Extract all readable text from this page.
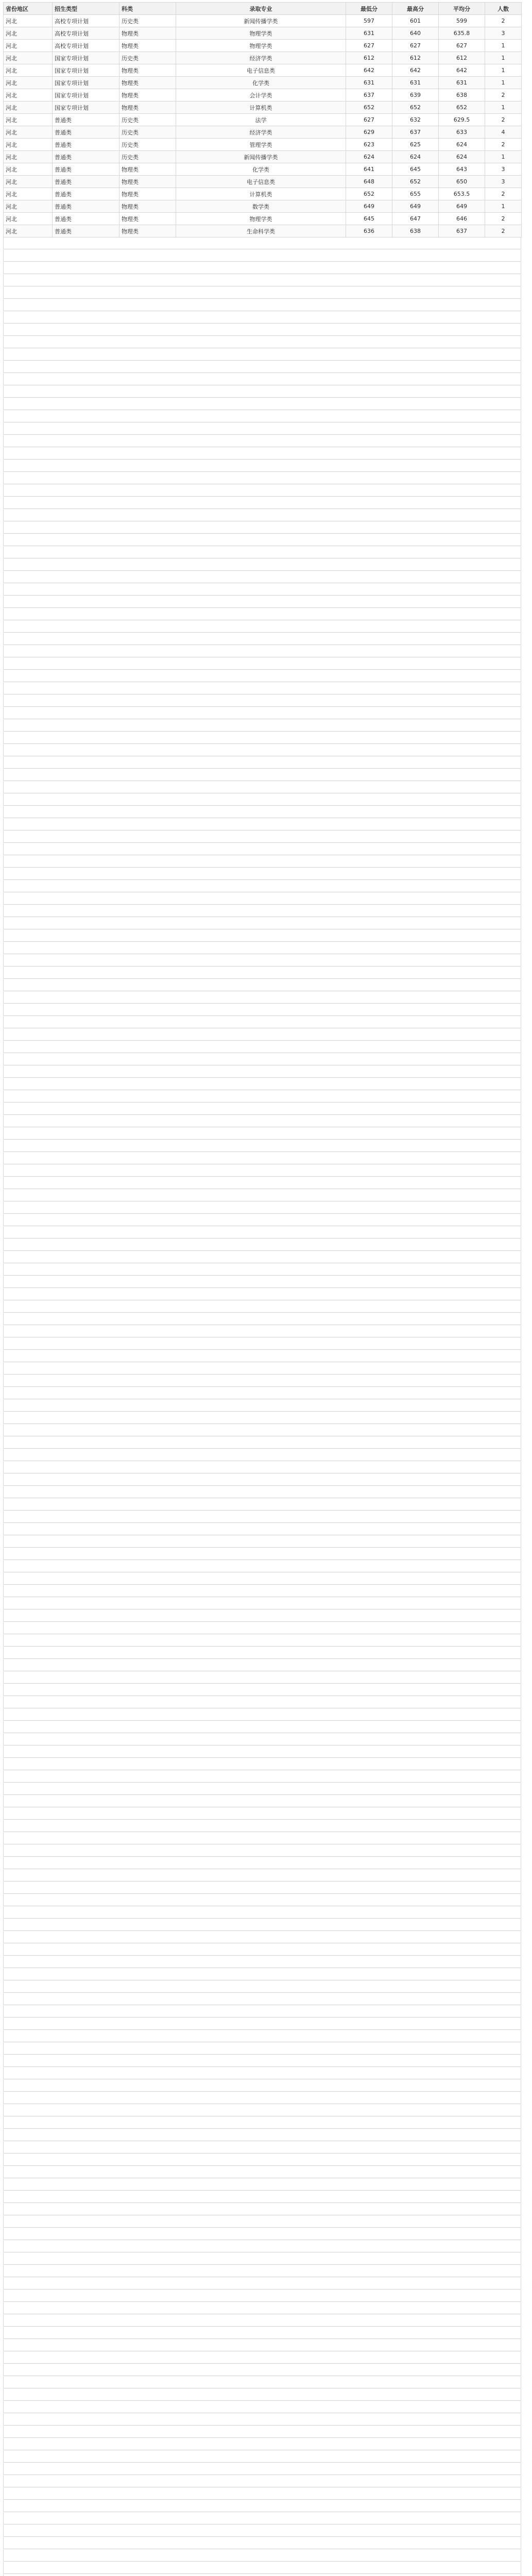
省份地区	招生类型	科类	录取专业	最低分	最高分	平均分	人数
河北	高校专项计划	历史类	新闻传播学类	597	601	599	2
河北	高校专项计划	物理类	物理学类	631	640	635.8	3
河北	高校专项计划	物理类	物理学类	627	627	627	1
河北	国家专项计划	历史类	经济学类	612	612	612	1
河北	国家专项计划	物理类	电子信息类	642	642	642	1
河北	国家专项计划	物理类	化学类	631	631	631	1
河北	国家专项计划	物理类	会计学类	637	639	638	2
河北	国家专项计划	物理类	计算机类	652	652	652	1
河北	普通类	历史类	法学	627	632	629.5	2
河北	普通类	历史类	经济学类	629	637	633	4
河北	普通类	历史类	管理学类	623	625	624	2
河北	普通类	历史类	新闻传播学类	624	624	624	1
河北	普通类	物理类	化学类	641	645	643	3
河北	普通类	物理类	电子信息类	648	652	650	3
河北	普通类	物理类	计算机类	652	655	653.5	2
河北	普通类	物理类	数学类	649	649	649	1
河北	普通类	物理类	物理学类	645	647	646	2
河北	普通类	物理类	生命科学类	636	638	637	2
